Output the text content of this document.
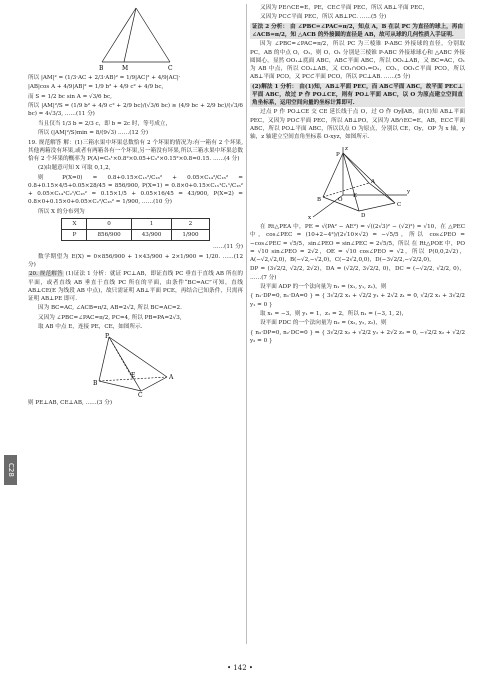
C28
B	M	C

所以 |AM|² = (1/3·AC + 2/3·AB)² = 1/9|AC|² + 4/9|AC|·

|AB|cos A + 4/9|AB|² = 1/9 b² + 4/9 c² + 4/9 bc,

而 S = 1/2 bc sin A = √3/6 bc,

所以 |AM|²/S = (1/9 b² + 4/9 c² + 2/9 bc)/(√3/6 bc) ≥ (4/9 bc + 2/9 bc)/(√3/6 bc) = 4√3/3, ……(11 分)

当且仅当 1/3 b = 2/3 c，即 b = 2c 时，等号成立，

所以 (|AM|²/S)min = 8/(9√3) ……(12 分)

19. 规范解答 解：(1)三箱水果中坏果总数恰有 2 个坏果的情况为:有一箱有 2 个坏果,其他两箱没有坏果,或者有两箱各有一个坏果,另一箱没有坏果,所以三箱水果中坏果总数恰有 2 个坏果的概率为 P(A)=C₃¹×0.8²×0.05+C₃²×0.15²×0.8=0.15. ……(4 分)

(2)由题意可知 X 可取 0,1,2,

则 P(X=0) = 0.8+0.15×C₁₅²/C₁₆² + 0.05×C₁₄²/C₁₆² = 0.8+0.15×4/5+0.05×28/45 = 856/900, P(X=1) = 0.8×0+0.15×C₁₅¹C₁¹/C₁₆² + 0.05×C₁₄¹C₂¹/C₁₆² = 0.15×1/5 + 0.05×16/45 = 43/900, P(X=2) = 0.8×0+0.15×0+0.05×C₂²/C₁₆² = 1/900, ……(10 分)

所以 X 的分布列为

X	0	1	2
P	856/900	43/900	1/900

……(11 分)

数学期望为 E(X) = 0×856/900 + 1×43/900 + 2×1/900 = 1/20. ……(12 分)

20. 规范解答 (1)证法 1 分析：就证 PC⊥AB，即证直线 PC 垂直于直线 AB 所在的平面，或者直线 AB 垂直于直线 PC 所在的平面，由条件“BC=AC”可知，直线 AB⊥CE(E 为线段 AB 中点)，故只需证明 AB⊥平面 PCE，再结合已知条件，只需再证明 AB⊥PE 即可.

因为 BC=AC, ∠ACB=π/2, AB=2√2, 所以 BC=AC=2.

又因为 ∠PBC=∠PAC=π/2, PC=4, 所以 PB=PA=2√3,

取 AB 中点 E，连接 PE，CE，如图所示.

P
B
E	A
C

则 PE⊥AB, CE⊥AB, ……(3 分)

又因为 PE∩CE=E，PE，CE⊂平面 PEC，所以 AB⊥平面 PEC，

又因为 PC⊂平面 PEC，所以 AB⊥PC. ……(5 分)

证法 2 分析： 由 ∠PBC=∠PAC=π/2，知点 A，B 在以 PC 为直径的球上，再由 ∠ACB=π/2，知 △ACB 的外接圆的直径是 AB，故可从球的几何性质入手证明.

因为 ∠PBC=∠PAC=π/2，所以 PC 为三棱锥 P-ABC 外接球的直径，分别取 PC，AB 的中点 O，O₁，则 O，O₁ 分别是三棱锥 P-ABC 外接球球心和 △ABC 外接圆圆心，显然 OO₁⊥底面 ABC，AB⊂平面 ABC，所以 OO₁⊥AB，又 BC=AC，O₁ 为 AB 中点，所以 CO₁⊥AB，又 CO₁∩OO₁=O₁，CO₁，OO₁⊂平面 PCO，所以 AB⊥平面 PCO，又 PC⊂平面 PCO，所以 PC⊥AB. ……(5 分)

(2)解法 1 分析： 由(1)知，AB⊥平面 PEC，而 AB⊂平面 ABC，故平面 PEC⊥平面 ABC，故过 P 作 PO⊥CE，则有 PO⊥平面 ABC，以 O 为原点建立空间直角坐标系，运用空间向量的坐标计算即可.

过点 P 作 PO⊥CE 交 CE 延长线于点 O，过 O 作 Oy∥AB，由(1)知 AB⊥平面 PEC，又因为 PO⊂平面 PEC，所以 AB⊥PO，又因为 AB∩EC=E，AB，EC⊂平面 ABC，所以 PO⊥平面 ABC，所以以点 O 为原点，分别以 CE，Oy，OP 为 x 轴，y 轴，z 轴建立空间直角坐标系 O-xyz，如图所示.

z
P
A
B
C
E
O
D
x
y

在 Rt△PEA 中，PE = √(PA² − AE²) = √((2√3)² − (√2)²) = √10，在 △PEC 中，cos∠PEC = (10+2−4²)/(2√10×√2) = −√5/5，所以 cos∠PEO = −cos∠PEC = √5/5，sin∠PEO = sin∠PEC = 2√5/5，所以 在 Rt△POE 中，PO = √10 sin∠PEO = 2√2，OE = √10 cos∠PEO = √2，所以 P(0,0,2√2)，A(−√2,√2,0)，B(−√2,−√2,0)，C(−2√2,0,0)，D(−3√2/2,−√2/2,0)，

DP = (3√2/2, √2/2, 2√2)，DA = (√2/2, 3√2/2, 0)，DC = (−√2/2, √2/2, 0)， ……(7 分)

设平面 ADP 的一个法向量为 n₁ = (x₁, y₁, z₁)，则

{ n₁·DP=0, n₁·DA=0 } ⇒ { 3√2/2 x₁ + √2/2 y₁ + 2√2 z₁ = 0, √2/2 x₁ + 3√2/2 y₁ = 0 }

取 x₁ = −3，则 y₁ = 1，z₁ = 2，所以 n₁ = (−3, 1, 2)，

设平面 PDC 的一个法向量为 n₂ = (x₂, y₂, z₂)，则

{ n₂·DP=0, n₂·DC=0 } ⇒ { 3√2/2 x₂ + √2/2 y₂ + 2√2 z₂ = 0, −√2/2 x₂ + √2/2 y₂ = 0 }

• 142 •
